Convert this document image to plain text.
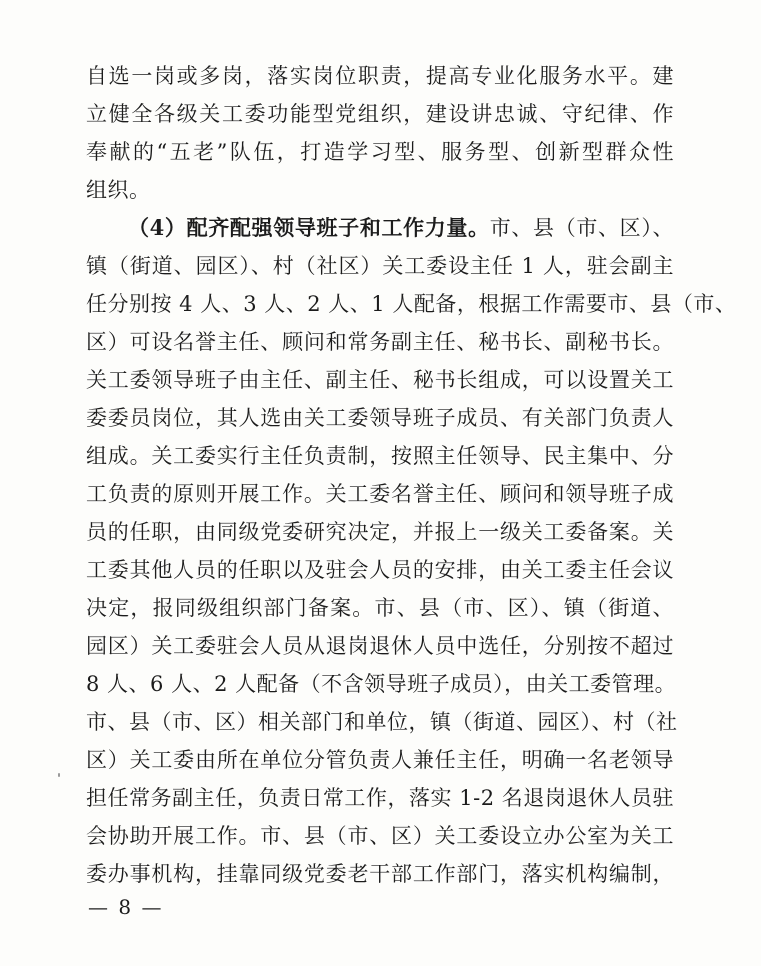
自选一岗或多岗，落实岗位职责，提高专业化服务水平。建
立健全各级关工委功能型党组织，建设讲忠诚、守纪律、作
奉献的“五老”队伍，打造学习型、服务型、创新型群众性
组织。
（4）配齐配强领导班子和工作力量。市、县（市、区）、
镇（街道、园区）、村（社区）关工委设主任 1 人，驻会副主
任分别按 4 人、3 人、2 人、1 人配备，根据工作需要市、县（市、
区）可设名誉主任、顾问和常务副主任、秘书长、副秘书长。
关工委领导班子由主任、副主任、秘书长组成，可以设置关工
委委员岗位，其人选由关工委领导班子成员、有关部门负责人
组成。关工委实行主任负责制，按照主任领导、民主集中、分
工负责的原则开展工作。关工委名誉主任、顾问和领导班子成
员的任职，由同级党委研究决定，并报上一级关工委备案。关
工委其他人员的任职以及驻会人员的安排，由关工委主任会议
决定，报同级组织部门备案。市、县（市、区）、镇（街道、
园区）关工委驻会人员从退岗退休人员中选任，分别按不超过
8 人、6 人、2 人配备（不含领导班子成员），由关工委管理。
市、县（市、区）相关部门和单位，镇（街道、园区）、村（社
区）关工委由所在单位分管负责人兼任主任，明确一名老领导
担任常务副主任，负责日常工作，落实 1-2 名退岗退休人员驻
会协助开展工作。市、县（市、区）关工委设立办公室为关工
委办事机构，挂靠同级党委老干部工作部门，落实机构编制，
— 8 —
